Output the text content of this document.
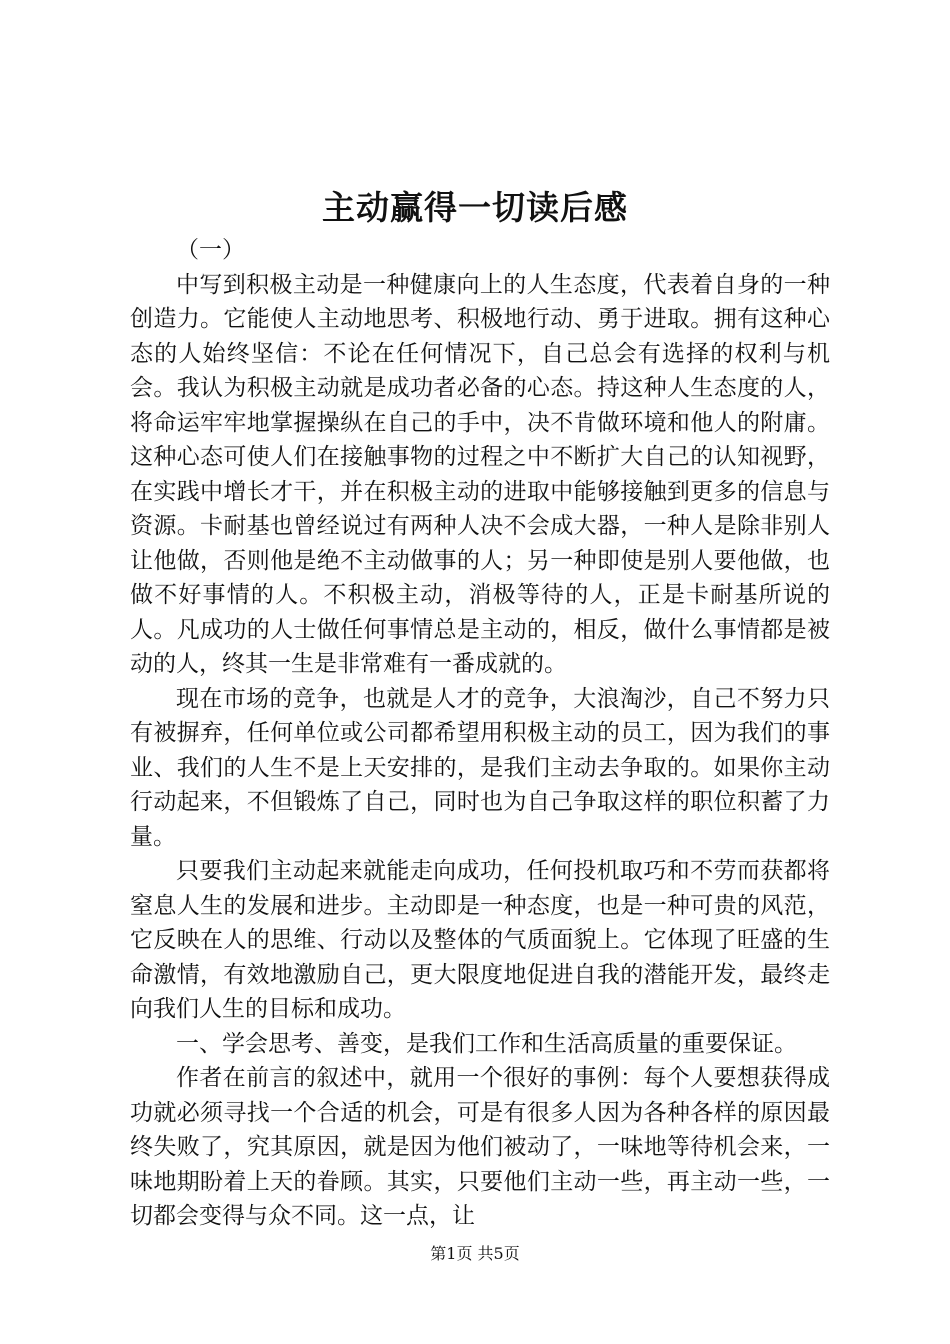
主动赢得一切读后感

（一）

中写到积极主动是一种健康向上的人生态度，代表着自身的一种创造力。它能使人主动地思考、积极地行动、勇于进取。拥有这种心态的人始终坚信：不论在任何情况下，自己总会有选择的权利与机会。我认为积极主动就是成功者必备的心态。持这种人生态度的人，将命运牢牢地掌握操纵在自己的手中，决不肯做环境和他人的附庸。这种心态可使人们在接触事物的过程之中不断扩大自己的认知视野，在实践中增长才干，并在积极主动的进取中能够接触到更多的信息与资源。卡耐基也曾经说过有两种人决不会成大器，一种人是除非别人让他做，否则他是绝不主动做事的人；另一种即使是别人要他做，也做不好事情的人。不积极主动，消极等待的人，正是卡耐基所说的人。凡成功的人士做任何事情总是主动的，相反，做什么事情都是被动的人，终其一生是非常难有一番成就的。

现在市场的竞争，也就是人才的竞争，大浪淘沙，自己不努力只有被摒弃，任何单位或公司都希望用积极主动的员工，因为我们的事业、我们的人生不是上天安排的，是我们主动去争取的。如果你主动行动起来，不但锻炼了自己，同时也为自己争取这样的职位积蓄了力量。

只要我们主动起来就能走向成功，任何投机取巧和不劳而获都将窒息人生的发展和进步。主动即是一种态度，也是一种可贵的风范，它反映在人的思维、行动以及整体的气质面貌上。它体现了旺盛的生命激情，有效地激励自己，更大限度地促进自我的潜能开发，最终走向我们人生的目标和成功。

一、学会思考、善变，是我们工作和生活高质量的重要保证。

作者在前言的叙述中，就用一个很好的事例：每个人要想获得成功就必须寻找一个合适的机会，可是有很多人因为各种各样的原因最终失败了，究其原因，就是因为他们被动了，一味地等待机会来，一味地期盼着上天的眷顾。其实，只要他们主动一些，再主动一些，一切都会变得与众不同。这一点，让

第1页 共5页
